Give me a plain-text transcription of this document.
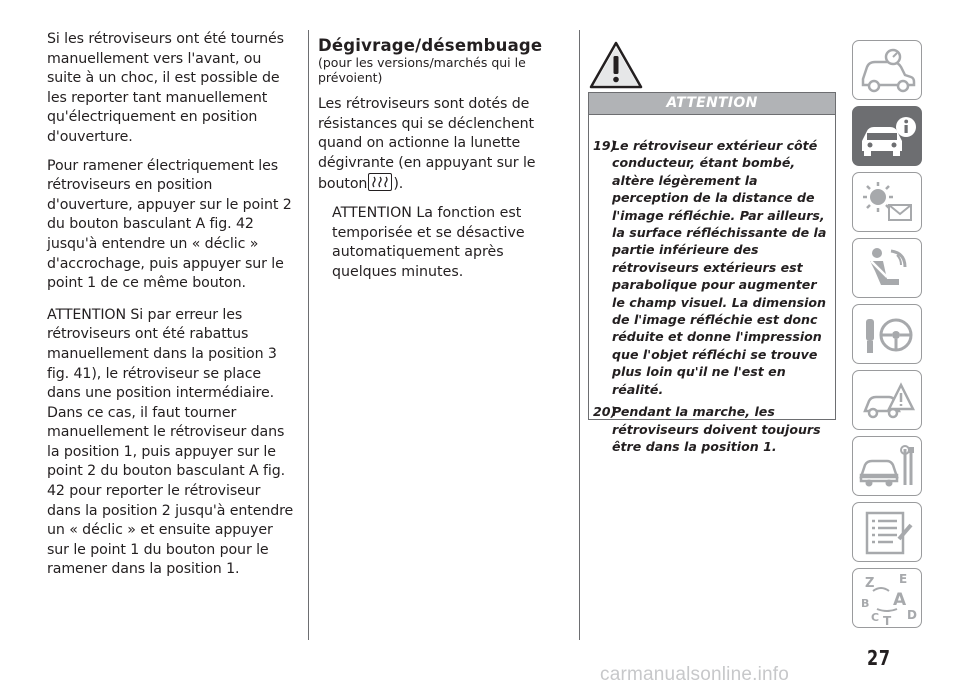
Si les rétroviseurs ont été tournés manuellement vers l'avant, ou suite à un choc, il est possible de les reporter tant manuellement qu'électriquement en position d'ouverture.

Pour ramener électriquement les rétroviseurs en position d'ouverture, appuyer sur le point 2 du bouton basculant A fig. 42 jusqu'à entendre un « déclic » d'accrochage, puis appuyer sur le point 1 de ce même bouton.

ATTENTION Si par erreur les rétroviseurs ont été rabattus manuellement dans la position 3 fig. 41), le rétroviseur se place dans une position intermédiaire. Dans ce cas, il faut tourner manuellement le rétroviseur dans la position 1, puis appuyer sur le point 2 du bouton basculant A fig. 42 pour reporter le rétroviseur dans la position 2 jusqu'à entendre un « déclic » et ensuite appuyer sur le point 1 du bouton pour le ramener dans la position 1.

Dégivrage/désembuage
(pour les versions/marchés qui le prévoient)

Les rétroviseurs sont dotés de résistances qui se déclenchent quand on actionne la lunette dégivrante (en appuyant sur le bouton ).

ATTENTION La fonction est temporisée et se désactive automatiquement après quelques minutes.

ATTENTION

19)Le rétroviseur extérieur côté conducteur, étant bombé, altère légèrement la perception de la distance de l'image réfléchie. Par ailleurs, la surface réfléchissante de la partie inférieure des rétroviseurs extérieurs est parabolique pour augmenter le champ visuel. La dimension de l'image réfléchie est donc réduite et donne l'impression que l'objet réfléchi se trouve plus loin qu'il ne l'est en réalité.

20)Pendant la marche, les rétroviseurs doivent toujours être dans la position 1.

Z E
B A
C T D
27
carmanualsonline.info
